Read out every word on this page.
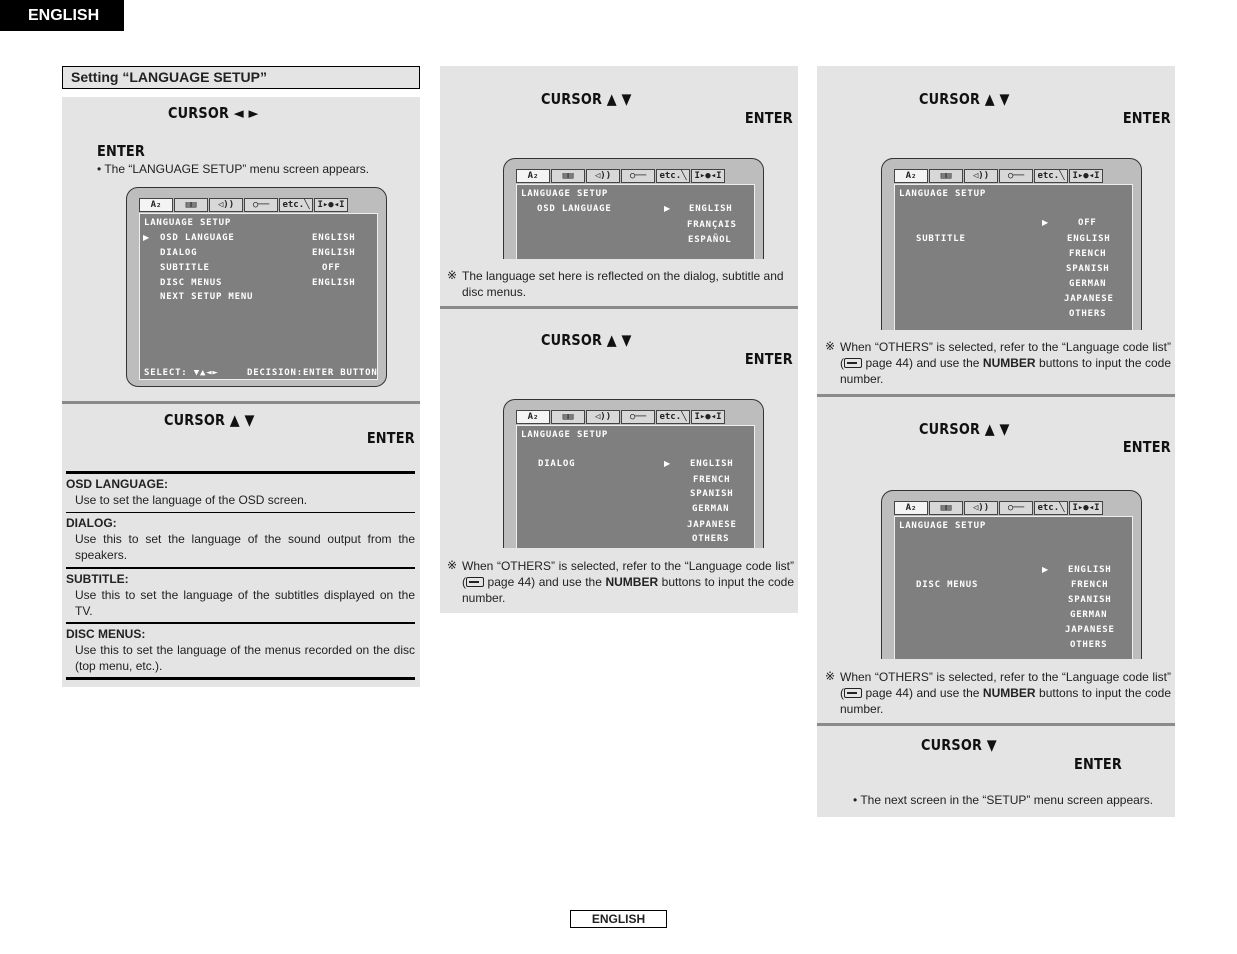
ENGLISH
Setting “LANGUAGE SETUP”
CURSOR ◄ ►
ENTER
• The “LANGUAGE SETUP” menu screen appears.
A₂	▤▤	◁))	○──	etc.╲ I▸●◂I
LANGUAGE SETUP
▶ OSD LANGUAGE	ENGLISH
DIALOG	ENGLISH
SUBTITLE	OFF
DISC MENUS	ENGLISH
NEXT SETUP MENU
SELECT: ▼▲◄►	DECISION:ENTER BUTTON
CURSOR ▲ ▼
ENTER
OSD LANGUAGE:
Use to set the language of the OSD screen.
DIALOG:
Use this to set the language of the sound output from the speakers.
SUBTITLE:
Use this to set the language of the subtitles displayed on the TV.
DISC MENUS:
Use this to set the language of the menus recorded on the disc (top menu, etc.).
CURSOR ▲ ▼
ENTER
A₂	▤▤	◁))	○──	etc.╲ I▸●◂I
LANGUAGE SETUP
OSD LANGUAGE	▶ ENGLISH
FRANÇAIS
ESPAÑOL
※ The language set here is reflected on the dialog, subtitle and disc menus.
CURSOR ▲ ▼
ENTER
A₂	▤▤	◁))	○──	etc.╲ I▸●◂I
LANGUAGE SETUP
DIALOG	▶ ENGLISH
FRENCH
SPANISH
GERMAN
JAPANESE
OTHERS
※ When “OTHERS” is selected, refer to the “Language code list” ( page 44) and use the NUMBER buttons to input the code number.
CURSOR ▲ ▼
ENTER
A₂	▤▤	◁))	○──	etc.╲ I▸●◂I
LANGUAGE SETUP
▶	OFF
SUBTITLE	ENGLISH
FRENCH
SPANISH
GERMAN
JAPANESE
OTHERS
※ When “OTHERS” is selected, refer to the “Language code list” ( page 44) and use the NUMBER buttons to input the code number.
CURSOR ▲ ▼
ENTER
A₂	▤▤	◁))	○──	etc.╲ I▸●◂I
LANGUAGE SETUP
▶ ENGLISH
DISC MENUS	FRENCH
SPANISH
GERMAN
JAPANESE
OTHERS
※ When “OTHERS” is selected, refer to the “Language code list” ( page 44) and use the NUMBER buttons to input the code number.
CURSOR ▼
ENTER
• The next screen in the “SETUP” menu screen appears.
ENGLISH
